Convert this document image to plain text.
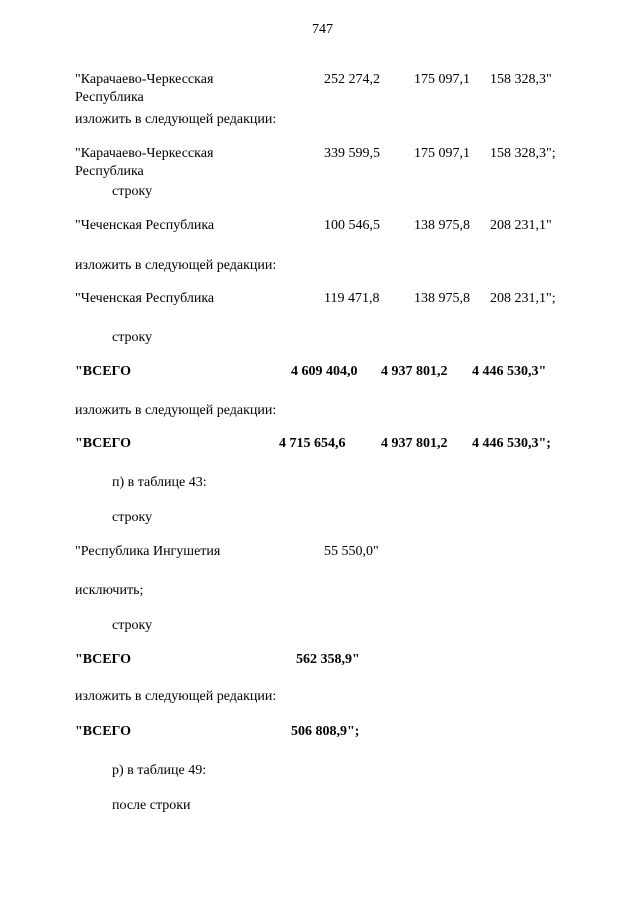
747
"Карачаево-Черкесская
Республика
252 274,2 175 097,1 158 328,3"
изложить в следующей редакции:
"Карачаево-Черкесская
Республика
339 599,5 175 097,1 158 328,3";
строку
"Чеченская Республика	100 546,5 138 975,8 208 231,1"
изложить в следующей редакции:
"Чеченская Республика	119 471,8 138 975,8 208 231,1";
строку
"ВСЕГО	4 609 404,0 4 937 801,2 4 446 530,3"
изложить в следующей редакции:
"ВСЕГО	4 715 654,6	4 937 801,2 4 446 530,3";
п) в таблице 43:
строку
"Республика Ингушетия	55 550,0"
исключить;
строку
"ВСЕГО	562 358,9"
изложить в следующей редакции:
"ВСЕГО	506 808,9";
р) в таблице 49:
после строки
